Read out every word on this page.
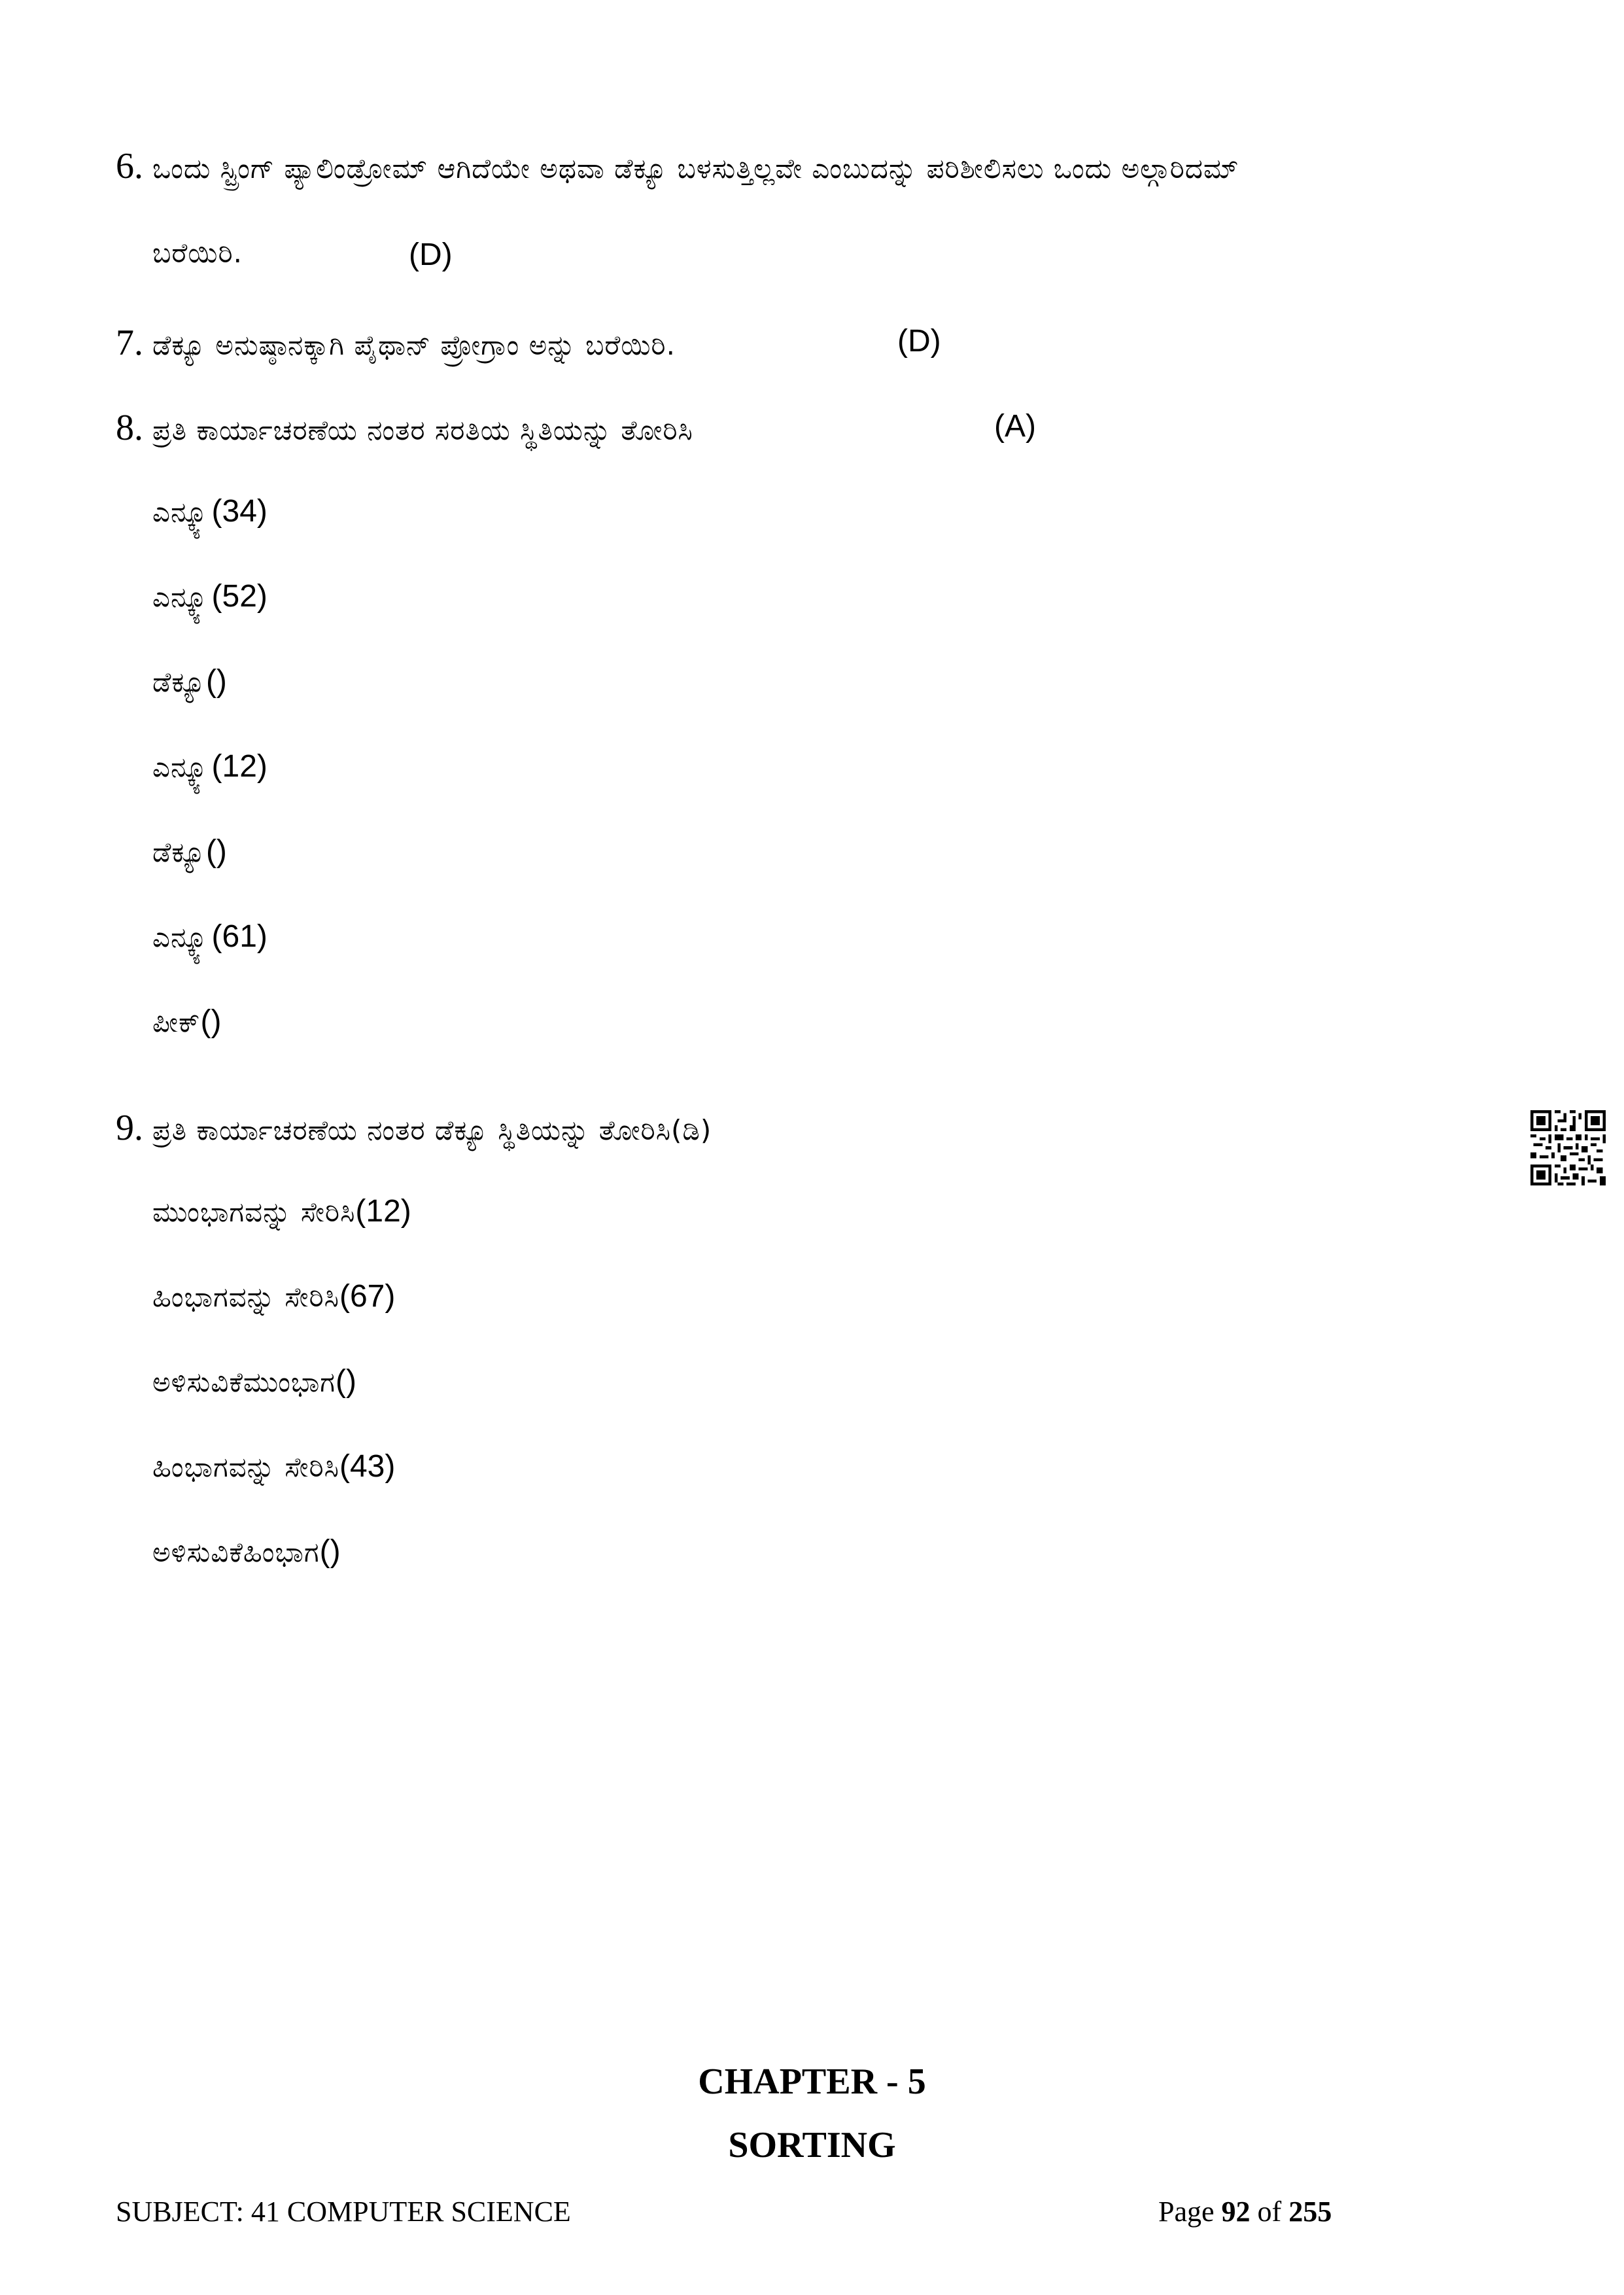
6. ಒಂದು ಸ್ಟ್ರಿಂಗ್ ಪ್ಯಾಲಿಂಡ್ರೋಮ್ ಆಗಿದೆಯೇ ಅಥವಾ ಡೆಕ್ಯೂ ಬಳಸುತ್ತಿಲ್ಲವೇ ಎಂಬುದನ್ನು ಪರಿಶೀಲಿಸಲು ಒಂದು ಅಲ್ಗಾರಿದಮ್
ಬರೆಯಿರಿ.	(D)
7. ಡೆಕ್ಯೂ ಅನುಷ್ಠಾನಕ್ಕಾಗಿ ಪೈಥಾನ್ ಪ್ರೋಗ್ರಾಂ ಅನ್ನು ಬರೆಯಿರಿ.	(D)
8. ಪ್ರತಿ ಕಾರ್ಯಾಚರಣೆಯ ನಂತರ ಸರತಿಯ ಸ್ಥಿತಿಯನ್ನು ತೋರಿಸಿ	(A)
ಎನ್ಕ್ಯೂ (34)
ಎನ್ಕ್ಯೂ (52)
ಡೆಕ್ಯೂ ()
ಎನ್ಕ್ಯೂ (12)
ಡೆಕ್ಯೂ ()
ಎನ್ಕ್ಯೂ (61)
ಪೀಕ್ ()
9. ಪ್ರತಿ ಕಾರ್ಯಾಚರಣೆಯ ನಂತರ ಡೆಕ್ಯೂ ಸ್ಥಿತಿಯನ್ನು ತೋರಿಸಿ (ಡಿ)
ಮುಂಭಾಗವನ್ನು ಸೇರಿಸಿ (12)
ಹಿಂಭಾಗವನ್ನು ಸೇರಿಸಿ (67)
ಅಳಿಸುವಿಕೆಮುಂಭಾಗ ()
ಹಿಂಭಾಗವನ್ನು ಸೇರಿಸಿ (43)
ಅಳಿಸುವಿಕೆಹಿಂಭಾಗ ()
CHAPTER - 5
SORTING
SUBJECT: 41 COMPUTER SCIENCE	Page 92 of 255
